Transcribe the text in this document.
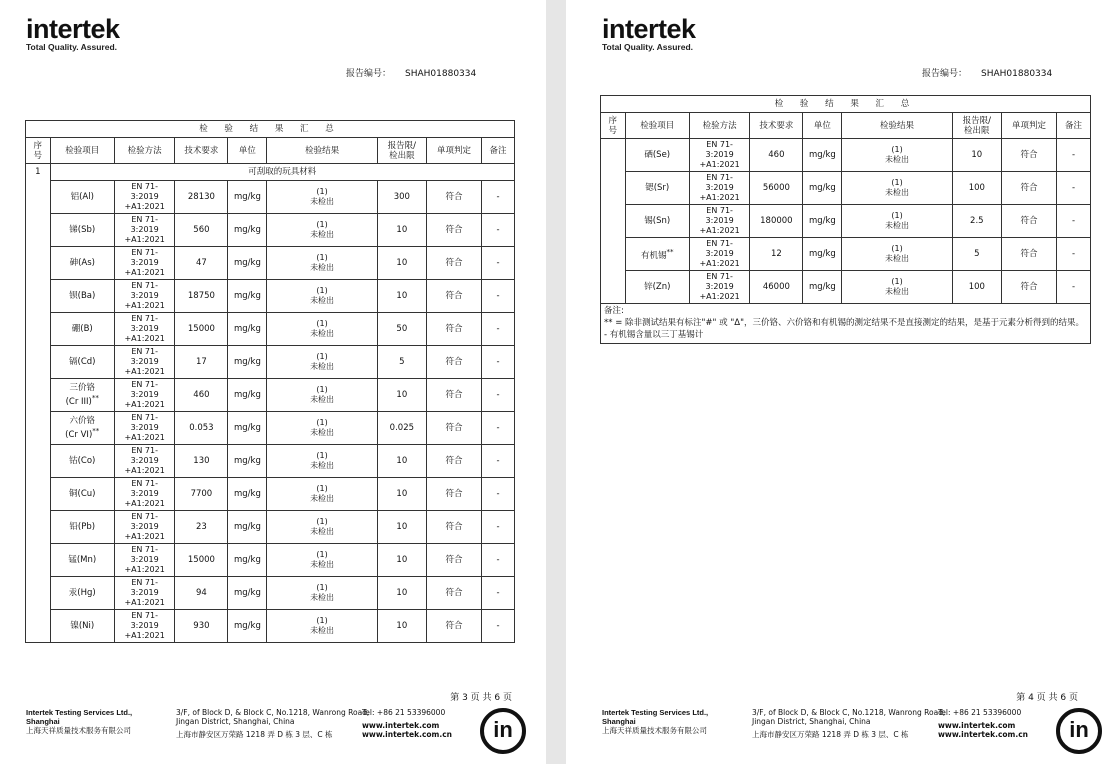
intertek
Total Quality. Assured.
报告编号： SHAH01880334
检 验 结 果 汇 总								
序
号	检验项目	检验方法	技术要求	单位	检验结果	报告限/
检出限	单项判定	备注
1	可刮取的玩具材料							
	铝(Al)	EN 71-
3:2019
+A1:2021	28130	mg/kg	(1)
未检出	300	符合	-
	锑(Sb)	EN 71-
3:2019
+A1:2021	560	mg/kg	(1)
未检出	10	符合	-
	砷(As)	EN 71-
3:2019
+A1:2021	47	mg/kg	(1)
未检出	10	符合	-
	钡(Ba)	EN 71-
3:2019
+A1:2021	18750	mg/kg	(1)
未检出	10	符合	-
	硼(B)	EN 71-
3:2019
+A1:2021	15000	mg/kg	(1)
未检出	50	符合	-
	镉(Cd)	EN 71-
3:2019
+A1:2021	17	mg/kg	(1)
未检出	5	符合	-
	三价铬
(Cr III)**	EN 71-
3:2019
+A1:2021	460	mg/kg	(1)
未检出	10	符合	-
	六价铬
(Cr VI)**	EN 71-
3:2019
+A1:2021	0.053	mg/kg	(1)
未检出	0.025	符合	-
	钴(Co)	EN 71-
3:2019
+A1:2021	130	mg/kg	(1)
未检出	10	符合	-
	铜(Cu)	EN 71-
3:2019
+A1:2021	7700	mg/kg	(1)
未检出	10	符合	-
	铅(Pb)	EN 71-
3:2019
+A1:2021	23	mg/kg	(1)
未检出	10	符合	-
	锰(Mn)	EN 71-
3:2019
+A1:2021	15000	mg/kg	(1)
未检出	10	符合	-
	汞(Hg)	EN 71-
3:2019
+A1:2021	94	mg/kg	(1)
未检出	10	符合	-
	镍(Ni)	EN 71-
3:2019
+A1:2021	930	mg/kg	(1)
未检出	10	符合	-
第 3 页 共 6 页
Intertek Testing Services Ltd., Shanghai
上海天祥质量技术服务有限公司
3/F, of Block D, & Block C, No.1218, Wanrong Road, Jingan District, Shanghai, China
上海市静安区万荣路 1218 弄 D 栋 3 层、C 栋
Tel: +86 21 53396000
www.intertek.com
www.intertek.com.cn	in
intertek
Total Quality. Assured.
报告编号： SHAH01880334
检 验 结 果 汇 总								
序
号	检验项目	检验方法	技术要求	单位	检验结果	报告限/
检出限	单项判定	备注
	硒(Se)	EN 71-
3:2019
+A1:2021	460	mg/kg	(1)
未检出	10	符合	-
	锶(Sr)	EN 71-
3:2019
+A1:2021	56000	mg/kg	(1)
未检出	100	符合	-
	锡(Sn)	EN 71-
3:2019
+A1:2021	180000	mg/kg	(1)
未检出	2.5	符合	-
	有机锡**	EN 71-
3:2019
+A1:2021	12	mg/kg	(1)
未检出	5	符合	-
	锌(Zn)	EN 71-
3:2019
+A1:2021	46000	mg/kg	(1)
未检出	100	符合	-
备注:
** = 除非测试结果有标注"#" 或 "Δ"，三价铬、六价铬和有机锡的测定结果不是直接测定的结果，是基于元素分析得到的结果。
- 有机锡含量以三丁基锡计
第 4 页 共 6 页
Intertek Testing Services Ltd., Shanghai
上海天祥质量技术服务有限公司
3/F, of Block D, & Block C, No.1218, Wanrong Road, Jingan District, Shanghai, China
上海市静安区万荣路 1218 弄 D 栋 3 层、C 栋
Tel: +86 21 53396000
www.intertek.com
www.intertek.com.cn	in
